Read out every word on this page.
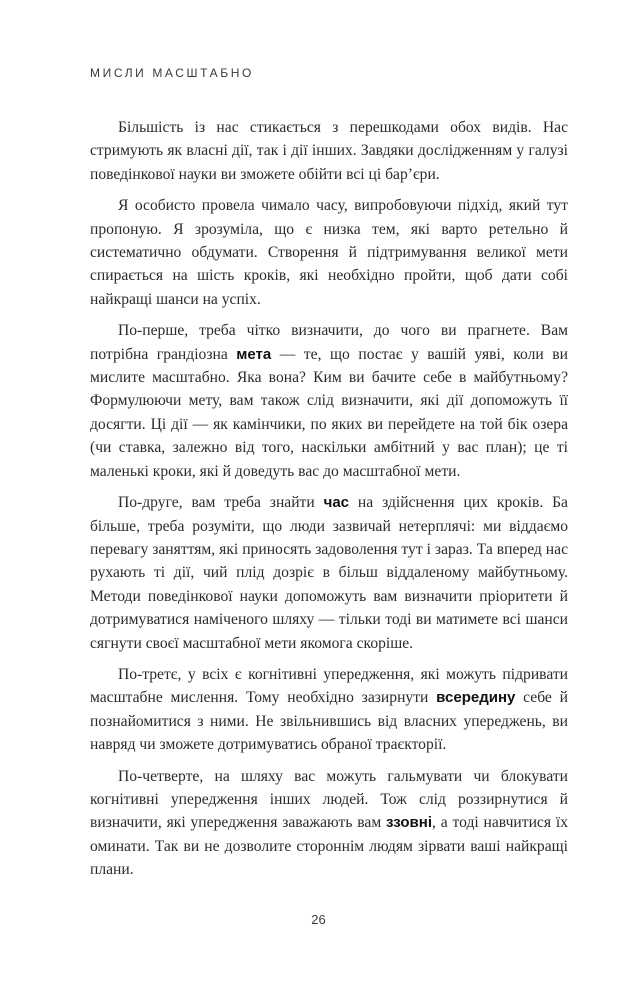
МИСЛИ МАСШТАБНО

Більшість із нас стикається з перешкодами обох видів. Нас стримують як власні дії, так і дії інших. Завдяки дослідженням у галузі поведінкової науки ви зможете обійти всі ці бар’єри.

Я особисто провела чимало часу, випробовуючи підхід, який тут пропоную. Я зрозуміла, що є низка тем, які варто ретельно й систематично обдумати. Створення й підтримування великої мети спирається на шість кроків, які необхідно пройти, щоб дати собі найкращі шанси на успіх.

По-перше, треба чітко визначити, до чого ви прагнете. Вам потрібна грандіозна мета — те, що постає у вашій уяві, коли ви мислите масштабно. Яка вона? Ким ви бачите себе в майбутньому? Формулюючи мету, вам також слід визначити, які дії допоможуть її досягти. Ці дії — як камінчики, по яких ви перейдете на той бік озера (чи ставка, залежно від того, наскільки амбітний у вас план); це ті маленькі кроки, які й доведуть вас до масштабної мети.

По-друге, вам треба знайти час на здійснення цих кроків. Ба більше, треба розуміти, що люди зазвичай нетерплячі: ми віддаємо перевагу заняттям, які приносять задоволення тут і зараз. Та вперед нас рухають ті дії, чий плід дозріє в більш віддаленому майбутньому. Методи поведінкової науки допоможуть вам визначити пріоритети й дотримуватися наміченого шляху — тільки тоді ви матимете всі шанси сягнути своєї масштабної мети якомога скоріше.

По-третє, у всіх є когнітивні упередження, які можуть підривати масштабне мислення. Тому необхідно зазирнути всередину себе й познайомитися з ними. Не звільнившись від власних упереджень, ви навряд чи зможете дотримуватись обраної траєкторії.

По-четверте, на шляху вас можуть гальмувати чи блокувати когнітивні упередження інших людей. Тож слід роззирнутися й визначити, які упередження заважають вам ззовні, а тоді навчитися їх оминати. Так ви не дозволите стороннім людям зірвати ваші найкращі плани.

26
